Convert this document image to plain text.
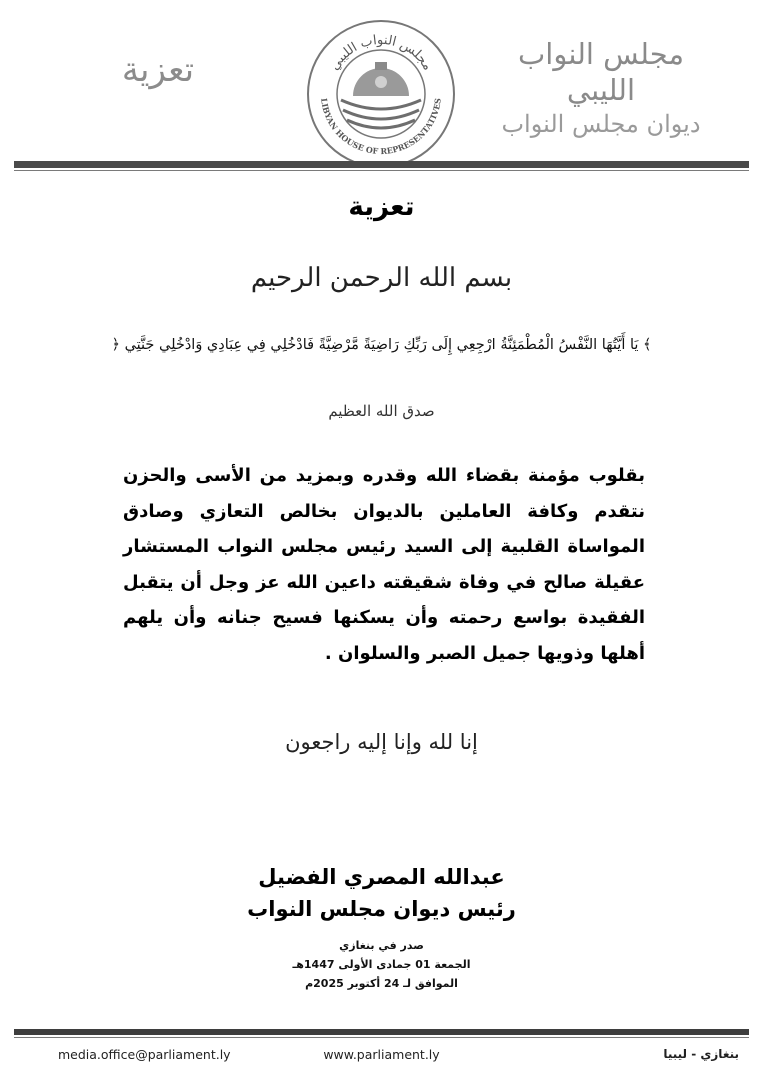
مجلس النواب الليبي
ديوان مجلس النواب
تعزية	مجلس النواب الليبي
LIBYAN HOUSE OF REPRESENTATIVES
تعزية
بسم الله الرحمن الرحيم
﴿ يَا أَيَّتُهَا النَّفْسُ الْمُطْمَئِنَّةُ ارْجِعِي إِلَى رَبِّكِ رَاضِيَةً مَّرْضِيَّةً فَادْخُلِي فِي عِبَادِي وَادْخُلِي جَنَّتِي ﴾
صدق الله العظيم
بقلوب مؤمنة بقضاء الله وقدره وبمزيد من الأسى والحزن نتقدم وكافة العاملين بالديوان بخالص التعازي وصادق المواساة القلبية إلى السيد رئيس مجلس النواب المستشار عقيلة صالح في وفاة شقيقته داعين الله عز وجل أن يتقبل الفقيدة بواسع رحمته وأن يسكنها فسيح جنانه وأن يلهم أهلها وذويها جميل الصبر والسلوان .
إنا لله وإنا إليه راجعون
عبدالله المصري الفضيل
رئيس ديوان مجلس النواب
صدر في بنغازي
الجمعة 01 جمادى الأولى 1447هـ
الموافق لـ 24 أكتوبر 2025م
media.office@parliament.ly	www.parliament.ly	بنغازي - ليبيا
